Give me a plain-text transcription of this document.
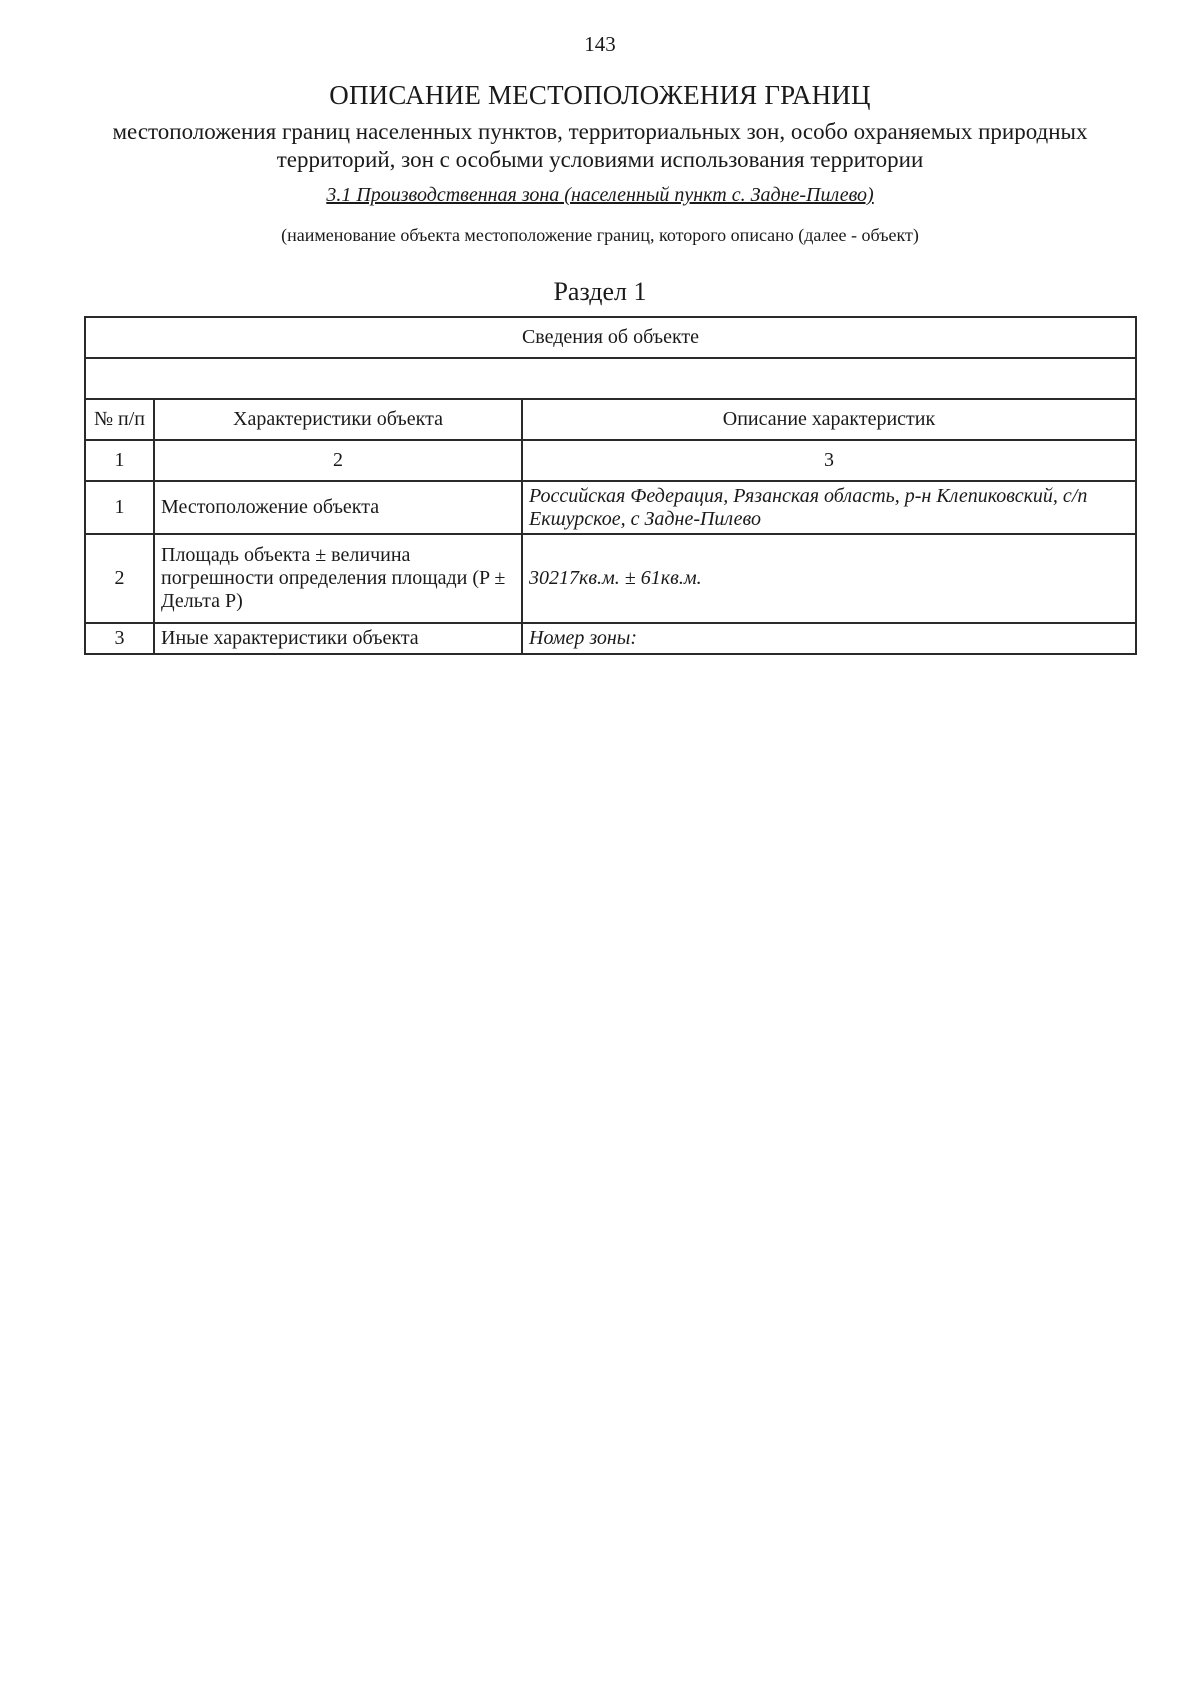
143
ОПИСАНИЕ МЕСТОПОЛОЖЕНИЯ ГРАНИЦ
местоположения границ населенных пунктов, территориальных зон, особо охраняемых природных территорий, зон с особыми условиями использования территории
3.1 Производственная зона (населенный пункт с. Задне-Пилево)
(наименование объекта местоположение границ, которого описано (далее - объект)
Раздел 1
Сведения об объекте		

№ п/п	Характеристики объекта	Описание характеристик
1	2	3
1	Местоположение объекта	Российская Федерация, Рязанская область, р-н Клепиковский, с/п Екшурское, с Задне-Пилево
2	Площадь объекта ± величина погрешности определения площади (P ± Дельта P)	30217кв.м. ± 61кв.м.
3	Иные характеристики объекта	Номер зоны:
